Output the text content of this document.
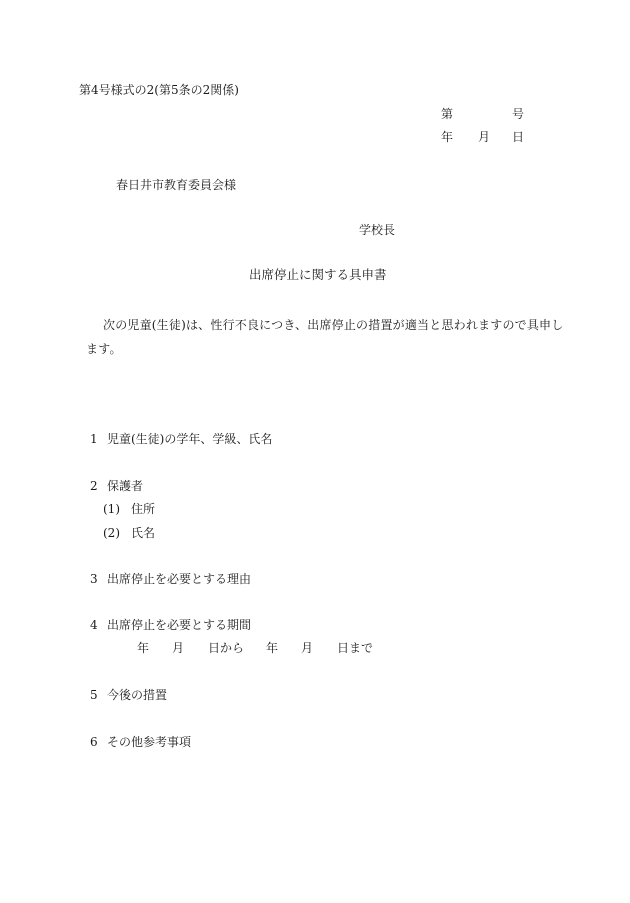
第4号様式の2(第5条の2関係)
第	号
年 月 日
春日井市教育委員会様
学校長
出席停止に関する具申書
次の児童(生徒)は、性行不良につき、出席停止の措置が適当と思われますので具申し
ます。
1 児童(生徒)の学年、学級、氏名
2 保護者
(1) 住所
(2) 氏名
3 出席停止を必要とする理由
4 出席停止を必要とする期間
年 月 日から 年 月 日まで
5 今後の措置
6 その他参考事項
